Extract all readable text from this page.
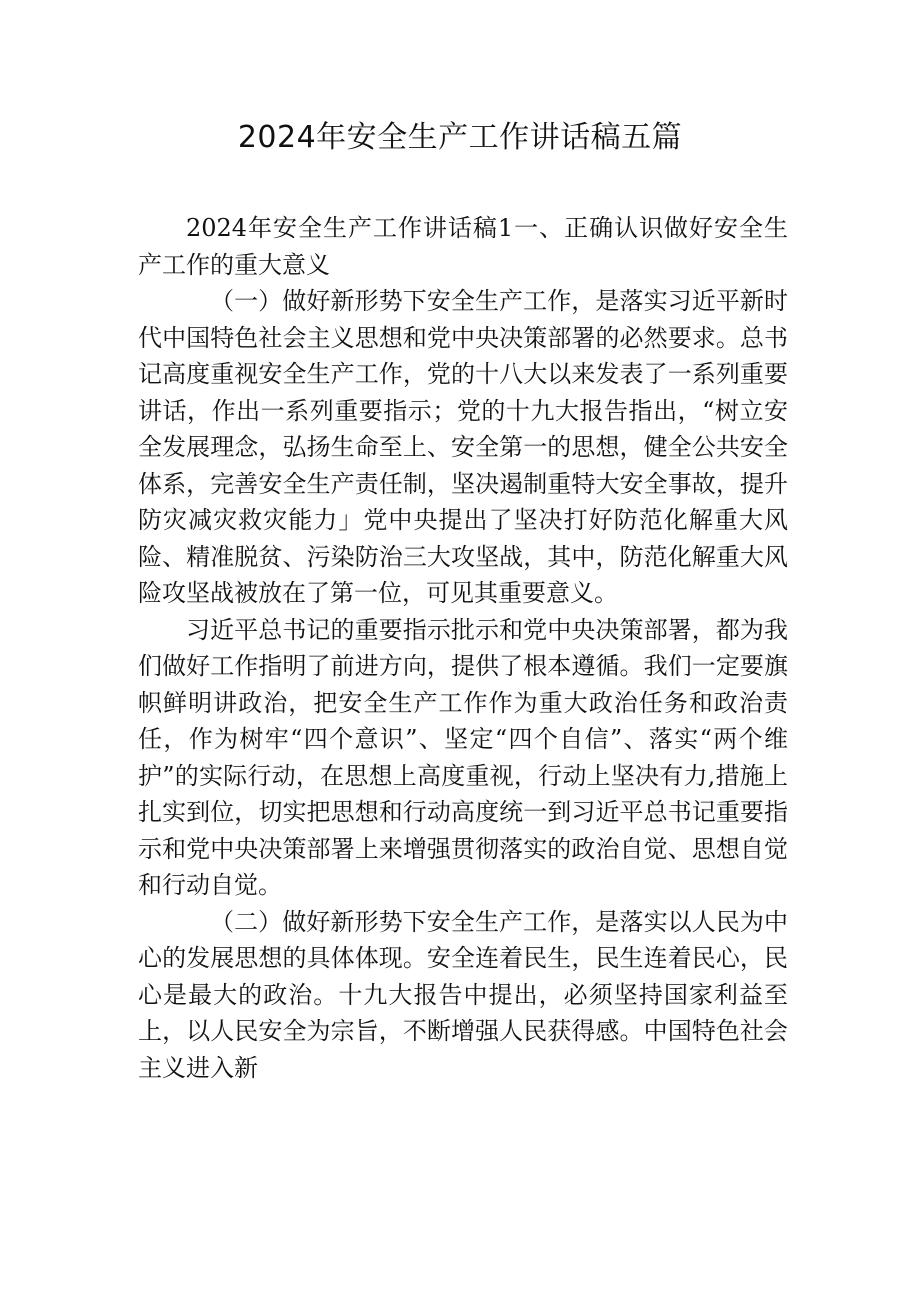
2024年安全生产工作讲话稿五篇

2024年安全生产工作讲话稿1一、正确认识做好安全生产工作的重大意义

（一）做好新形势下安全生产工作，是落实习近平新时代中国特色社会主义思想和党中央决策部署的必然要求。总书记高度重视安全生产工作，党的十八大以来发表了一系列重要讲话，作出一系列重要指示；党的十九大报告指出，“树立安全发展理念，弘扬生命至上、安全第一的思想，健全公共安全体系，完善安全生产责任制，坚决遏制重特大安全事故，提升防灾减灾救灾能力」党中央提出了坚决打好防范化解重大风险、精准脱贫、污染防治三大攻坚战，其中，防范化解重大风险攻坚战被放在了第一位，可见其重要意义。

习近平总书记的重要指示批示和党中央决策部署，都为我们做好工作指明了前进方向，提供了根本遵循。我们一定要旗帜鲜明讲政治，把安全生产工作作为重大政治任务和政治责任，作为树牢“四个意识”、坚定“四个自信”、落实“两个维护”的实际行动，在思想上高度重视，行动上坚决有力,措施上扎实到位，切实把思想和行动高度统一到习近平总书记重要指示和党中央决策部署上来增强贯彻落实的政治自觉、思想自觉和行动自觉。

（二）做好新形势下安全生产工作，是落实以人民为中心的发展思想的具体体现。安全连着民生，民生连着民心，民心是最大的政治。十九大报告中提出，必须坚持国家利益至上，以人民安全为宗旨，不断增强人民获得感。中国特色社会主义进入新
